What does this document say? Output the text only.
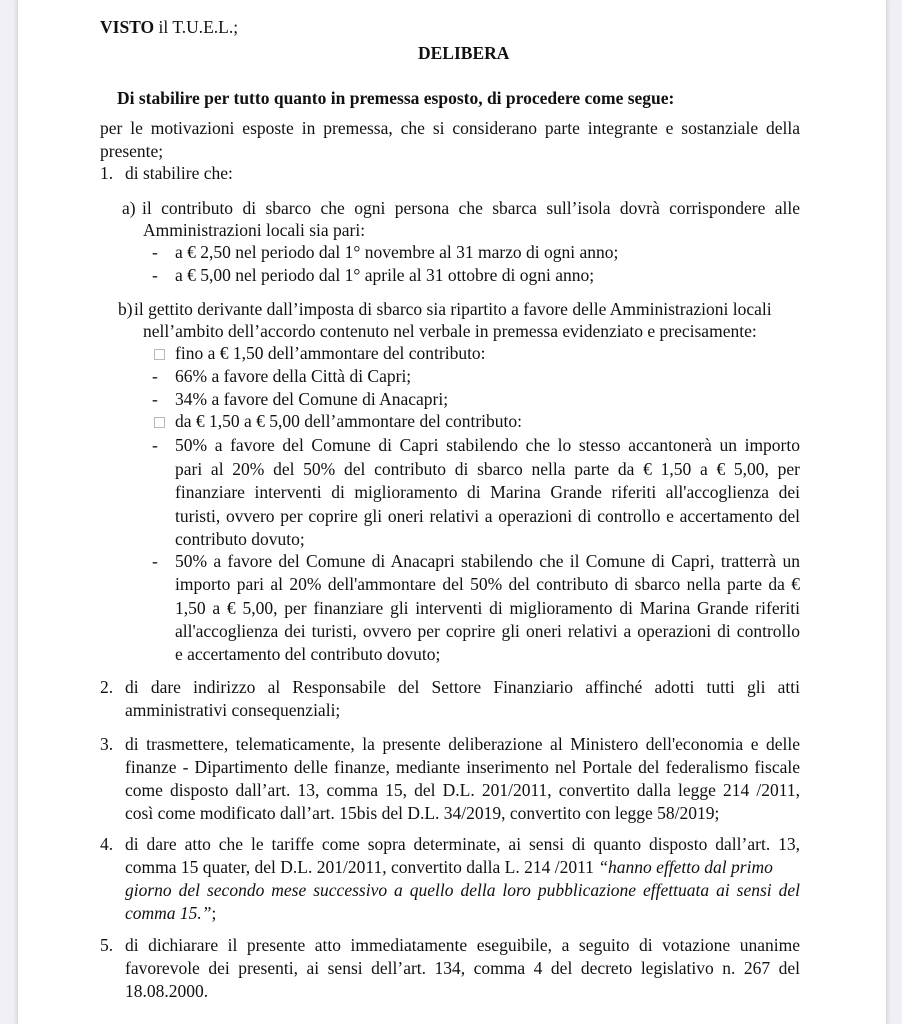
VISTO il T.U.E.L.;
DELIBERA
Di stabilire per tutto quanto in premessa esposto, di procedere come segue:
per le motivazioni esposte in premessa, che si considerano parte integrante e sostanziale della
presente;
1. di stabilire che:
a) il contributo di sbarco che ogni persona che sbarca sull’isola dovrà corrispondere alle
Amministrazioni locali sia pari:
- a € 2,50 nel periodo dal 1° novembre al 31 marzo di ogni anno;
- a € 5,00 nel periodo dal 1° aprile al 31 ottobre di ogni anno;
b) il gettito derivante dall’imposta di sbarco sia ripartito a favore delle Amministrazioni locali
nell’ambito dell’accordo contenuto nel verbale in premessa evidenziato e precisamente:
fino a € 1,50 dell’ammontare del contributo:
- 66% a favore della Città di Capri;
- 34% a favore del Comune di Anacapri;
da € 1,50 a € 5,00 dell’ammontare del contributo:
- 50% a favore del Comune di Capri stabilendo che lo stesso accantonerà un importo
pari al 20% del 50% del contributo di sbarco nella parte da € 1,50 a € 5,00, per
finanziare interventi di miglioramento di Marina Grande riferiti all'accoglienza dei
turisti, ovvero per coprire gli oneri relativi a operazioni di controllo e accertamento del
contributo dovuto;
- 50% a favore del Comune di Anacapri stabilendo che il Comune di Capri, tratterrà un
importo pari al 20% dell'ammontare del 50% del contributo di sbarco nella parte da €
1,50 a € 5,00, per finanziare gli interventi di miglioramento di Marina Grande riferiti
all'accoglienza dei turisti, ovvero per coprire gli oneri relativi a operazioni di controllo
e accertamento del contributo dovuto;
2. di dare indirizzo al Responsabile del Settore Finanziario affinché adotti tutti gli atti
amministrativi consequenziali;
3. di trasmettere, telematicamente, la presente deliberazione al Ministero dell'economia e delle
finanze - Dipartimento delle finanze, mediante inserimento nel Portale del federalismo fiscale
come disposto dall’art. 13, comma 15, del D.L. 201/2011, convertito dalla legge 214 /2011,
così come modificato dall’art. 15bis del D.L. 34/2019, convertito con legge 58/2019;
4. di dare atto che le tariffe come sopra determinate, ai sensi di quanto disposto dall’art. 13,
comma 15 quater, del D.L. 201/2011, convertito dalla L. 214 /2011 “hanno effetto dal primo
giorno del secondo mese successivo a quello della loro pubblicazione effettuata ai sensi del
comma 15.”;
5. di dichiarare il presente atto immediatamente eseguibile, a seguito di votazione unanime
favorevole dei presenti, ai sensi dell’art. 134, comma 4 del decreto legislativo n. 267 del
18.08.2000.
